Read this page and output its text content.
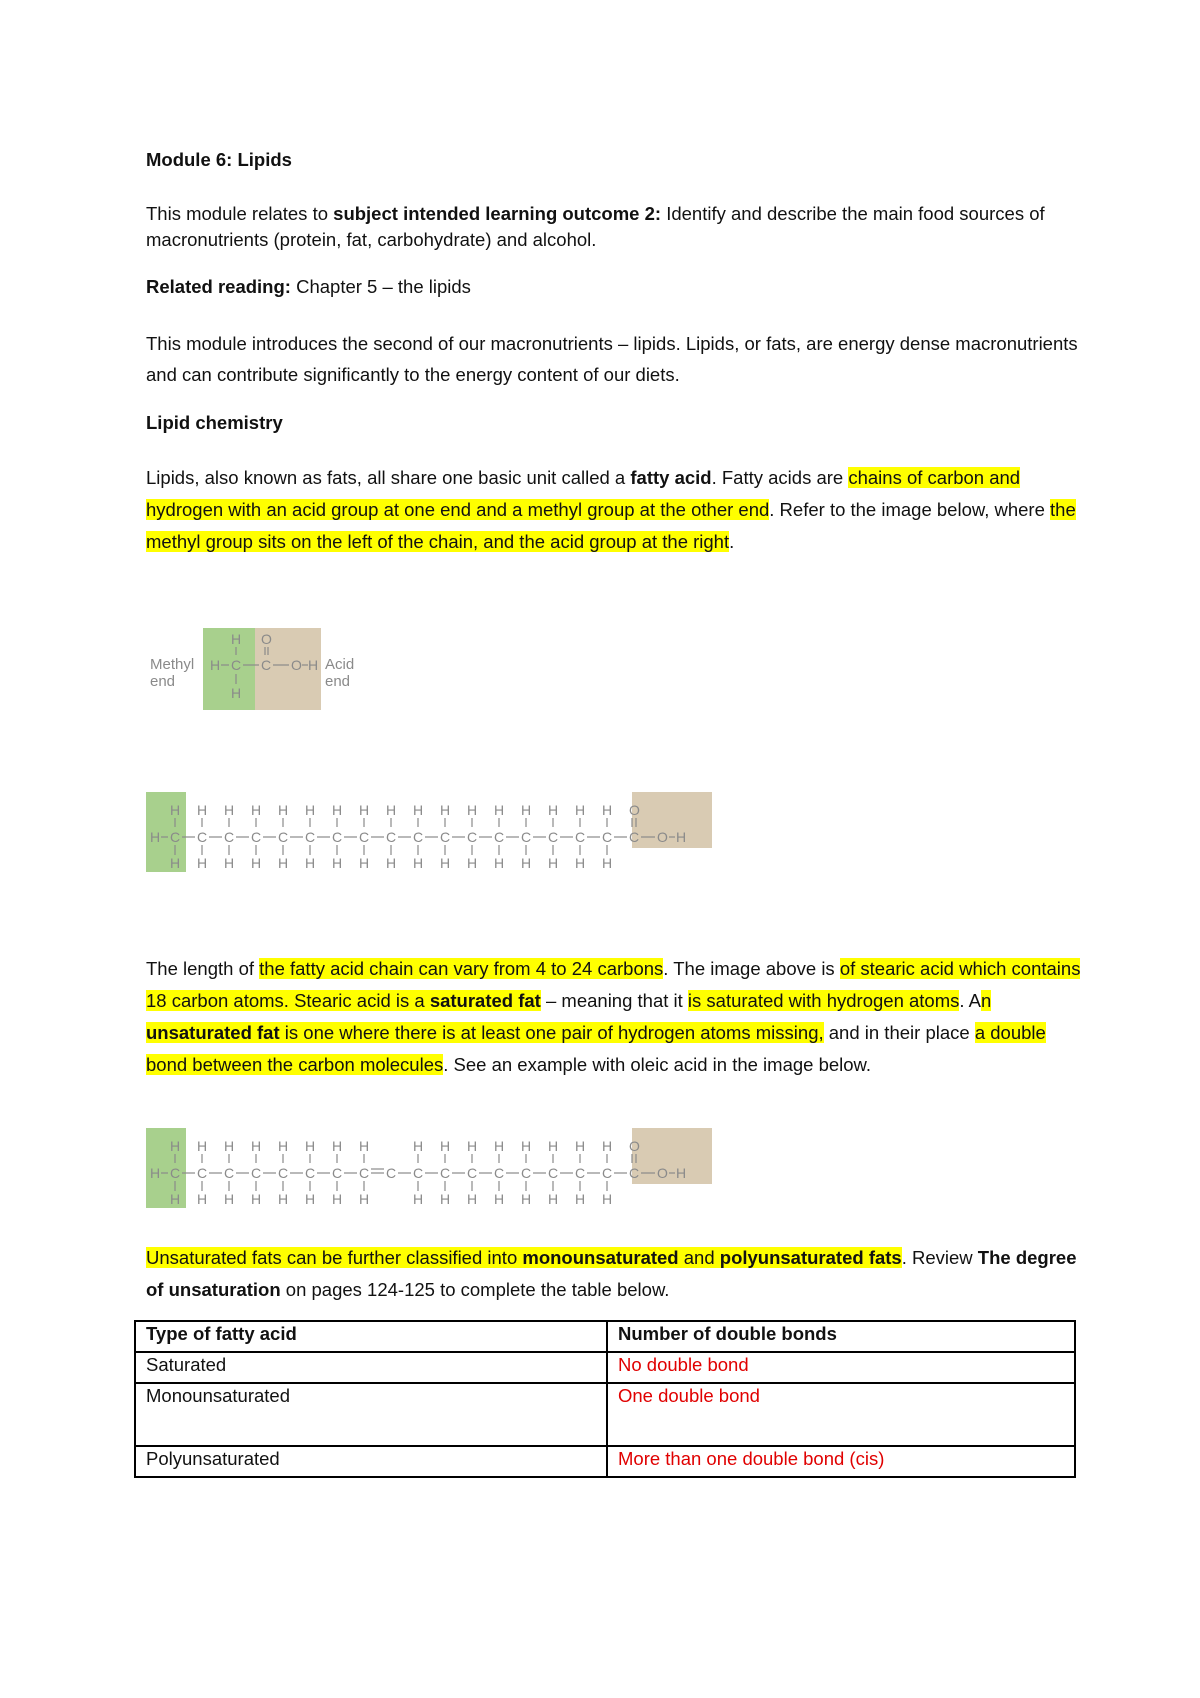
Module 6: Lipids
This module relates to subject intended learning outcome 2: Identify and describe the main food sources of macronutrients (protein, fat, carbohydrate) and alcohol.
Related reading: Chapter 5 – the lipids
This module introduces the second of our macronutrients – lipids. Lipids, or fats, are energy dense macronutrients and can contribute significantly to the energy content of our diets.
Lipid chemistry
Lipids, also known as fats, all share one basic unit called a fatty acid. Fatty acids are chains of carbon and hydrogen with an acid group at one end and a methyl group at the other end. Refer to the image below, where the methyl group sits on the left of the chain, and the acid group at the right.
Methyl
end
Acid
end
H C
H
H
C
O
O H
H C
H
H
C
H
H
C
H
H
C
H
H
C
H
H
C
H
H
C
H
H
C
H
H
C
H
H
C
H
H
C
H
H
C
H
H
C
H
H
C
H
H
C
H
H
C
H
H
C
H
H
C
O
O H
The length of the fatty acid chain can vary from 4 to 24 carbons. The image above is of stearic acid which contains 18 carbon atoms. Stearic acid is a saturated fat – meaning that it is saturated with hydrogen atoms. An unsaturated fat is one where there is at least one pair of hydrogen atoms missing, and in their place a double bond between the carbon molecules. See an example with oleic acid in the image below.
H C
H
H
C
H
H
C
H
H
C
H
H
C
H
H
C
H
H
C
H
H
C
H
H
C C
H
H
C
H
H
C
H
H
C
H
H
C
H
H
C
H
H
C
H
H
C
H
H
C
O
O H
Unsaturated fats can be further classified into monounsaturated and polyunsaturated fats. Review The degree of unsaturation on pages 124-125 to complete the table below.
Type of fatty acid	Number of double bonds
Saturated	No double bond
Monounsaturated	One double bond
Polyunsaturated	More than one double bond (cis)
